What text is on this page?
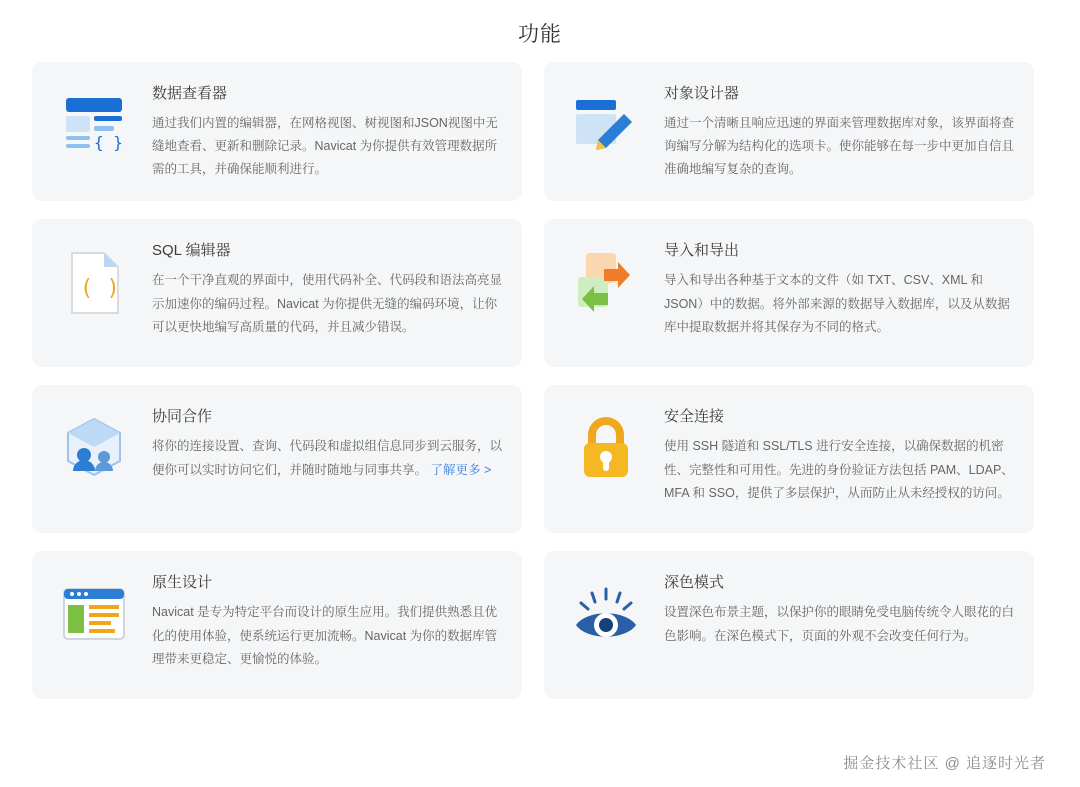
功能
{ }
数据查看器

通过我们内置的编辑器，在网格视图、树视图和JSON视图中无缝地查看、更新和删除记录。Navicat 为你提供有效管理数据所需的工具，并确保能顺利进行。

对象设计器

通过一个清晰且响应迅速的界面来管理数据库对象，该界面将查询编写分解为结构化的选项卡。使你能够在每一步中更加自信且准确地编写复杂的查询。

( )
SQL 编辑器

在一个干净直观的界面中，使用代码补全、代码段和语法高亮显示加速你的编码过程。Navicat 为你提供无缝的编码环境，让你可以更快地编写高质量的代码，并且减少错误。

导入和导出

导入和导出各种基于文本的文件（如 TXT、CSV、XML 和 JSON）中的数据。将外部来源的数据导入数据库，以及从数据库中提取数据并将其保存为不同的格式。

协同合作

将你的连接设置、查询、代码段和虚拟组信息同步到云服务，以便你可以实时访问它们，并随时随地与同事共享。 了解更多 >

安全连接

使用 SSH 隧道和 SSL/TLS 进行安全连接，以确保数据的机密性、完整性和可用性。先进的身份验证方法包括 PAM、LDAP、MFA 和 SSO，提供了多层保护，从而防止从未经授权的访问。

原生设计

Navicat 是专为特定平台而设计的原生应用。我们提供熟悉且优化的使用体验，使系统运行更加流畅。Navicat 为你的数据库管理带来更稳定、更愉悦的体验。

深色模式

设置深色布景主题，以保护你的眼睛免受电脑传统令人眼花的白色影响。在深色模式下，页面的外观不会改变任何行为。

掘金技术社区 @ 追逐时光者
